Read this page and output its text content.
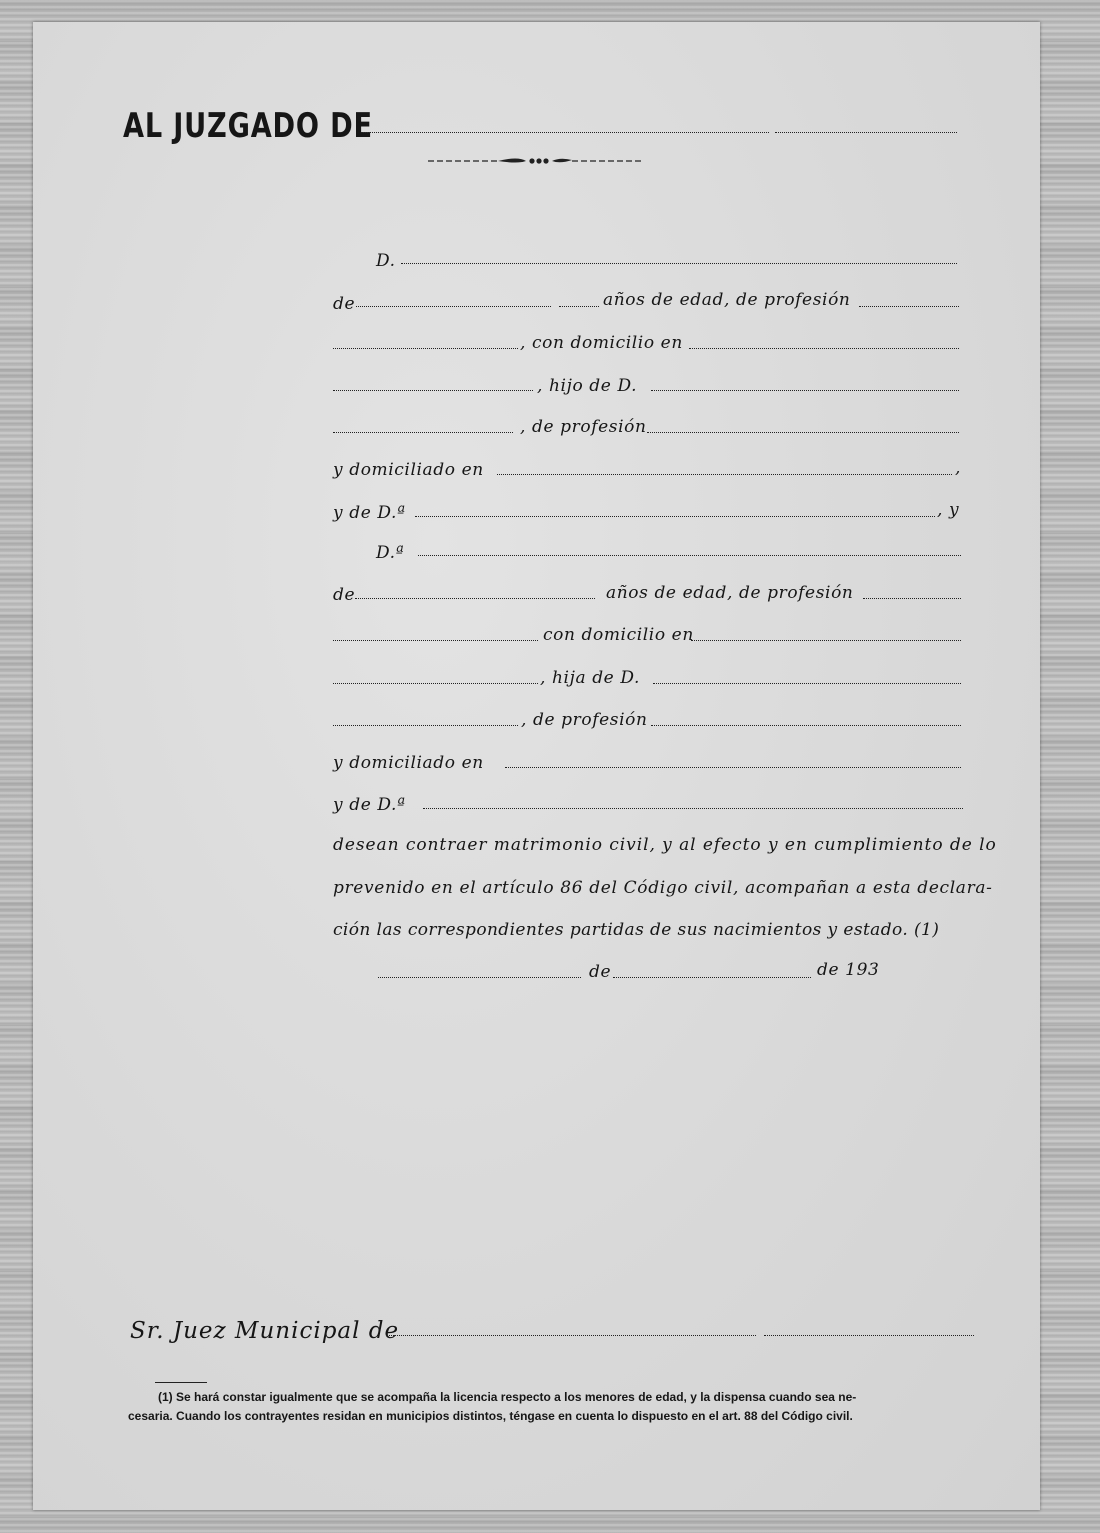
AL JUZGADO DE
D.
de	años de edad, de profesión
, con domicilio en
, hijo de D.
, de profesión
y domiciliado en	,
y de D.ª	, y
D.ª
de	años de edad, de profesión
con domicilio en
, hija de D.
, de profesión
y domiciliado en
y de D.ª
desean contraer matrimonio civil, y al efecto y en cumplimiento de lo
prevenido en el artículo 86 del Código civil, acompañan a esta declara-
ción las correspondientes partidas de sus nacimientos y estado. (1)
de	de 193
Sr. Juez Municipal de
(1) Se hará constar igualmente que se acompaña la licencia respecto a los menores de edad, y la dispensa cuando sea ne-
cesaria. Cuando los contrayentes residan en municipios distintos, téngase en cuenta lo dispuesto en el art. 88 del Código civil.
